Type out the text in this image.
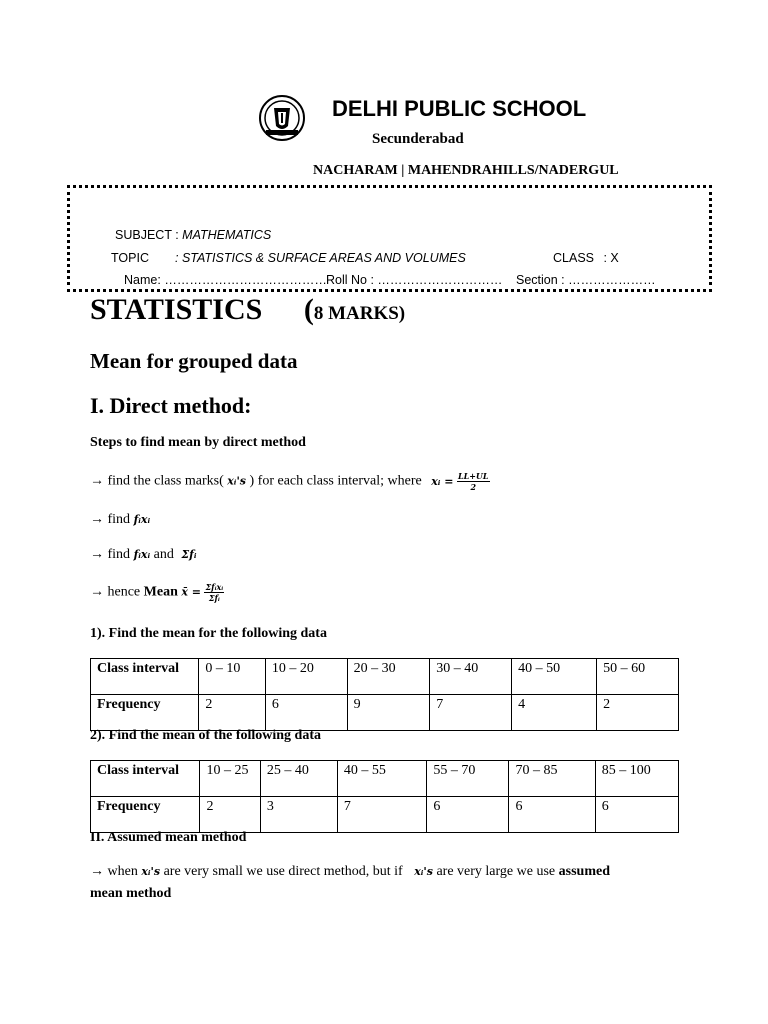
DELHI PUBLIC SCHOOL
Secunderabad
NACHARAM | MAHENDRAHILLS/NADERGUL
SUBJECT : MATHEMATICS
TOPIC : STATISTICS & SURFACE AREAS AND VOLUMES	CLASS : X
Name: ………………………………… Roll No : ………………………… Section : …………………
STATISTICS (8 MARKS)
Mean for grouped data
I. Direct method:
Steps to find mean by direct method
→ find the class marks( xᵢ's ) for each class interval; where xᵢ = $\frac{LL+UL}{2}$
→ find fᵢxᵢ
→ find fᵢxᵢ and Σfᵢ
→ hence Mean x̄ = $\frac{\text{Σfᵢxᵢ}}{\text{Σfᵢ}}$
1). Find the mean for the following data
Class interval	0 – 10	10 – 20	20 – 30	30 – 40	40 – 50	50 – 60
Frequency	2	6	9	7	4	2
2). Find the mean of the following data
Class interval	10 – 25	25 – 40	40 – 55	55 – 70	70 – 85	85 – 100
Frequency	2	3	7	6	6	6
II. Assumed mean method
→ when xᵢ's are very small we use direct method, but if xᵢ's are very large we use assumed
mean method
